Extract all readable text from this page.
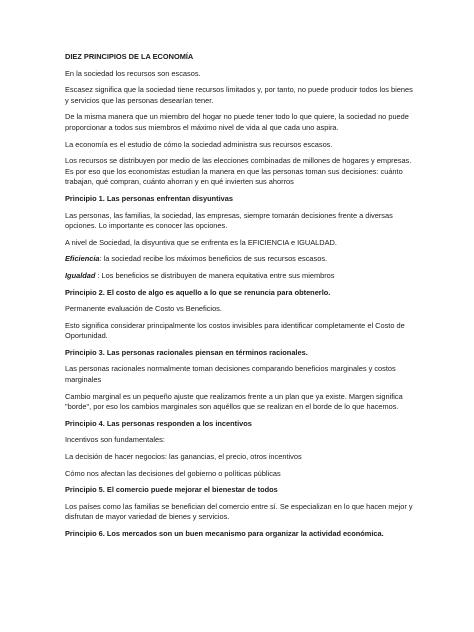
DIEZ PRINCIPIOS DE LA ECONOMÍA

En la sociedad los recursos son escasos.

Escasez significa que la sociedad tiene recursos limitados y, por tanto, no puede producir todos los bienes y servicios que las personas desearían tener.

De la misma manera que un miembro del hogar no puede tener todo lo que quiere, la sociedad no puede proporcionar a todos sus miembros el máximo nivel de vida al que cada uno aspira.

La economía es el estudio de cómo la sociedad administra sus recursos escasos.

Los recursos se distribuyen por medio de las elecciones combinadas de millones de hogares y empresas. Es por eso que los economistas estudian la manera en que las personas toman sus decisiones: cuánto trabajan, qué compran, cuánto ahorran y en qué invierten sus ahorros

Principio 1. Las personas enfrentan disyuntivas

Las personas, las familias, la sociedad, las empresas, siempre tomarán decisiones frente a diversas opciones. Lo importante es conocer las opciones.

A nivel de Sociedad, la disyuntiva que se enfrenta es la EFICIENCIA e IGUALDAD.

Eficiencia: la sociedad recibe los máximos beneficios de sus recursos escasos.

Igualdad : Los beneficios se distribuyen de manera equitativa entre sus miembros

Principio 2. El costo de algo es aquello a lo que se renuncia para obtenerlo.

Permanente evaluación de Costo vs Beneficios.

Esto significa considerar principalmente los costos invisibles para identificar completamente el Costo de Oportunidad.

Principio 3. Las personas racionales piensan en términos racionales.

Las personas racionales normalmente toman decisiones comparando beneficios marginales y costos marginales

Cambio marginal es un pequeño ajuste que realizamos frente a un plan que ya existe. Margen significa "borde", por eso los cambios marginales son aquéllos que se realizan en el borde de lo que hacemos.

Principio 4. Las personas responden a los incentivos

Incentivos son fundamentales:

La decisión de hacer negocios: las ganancias, el precio, otros incentivos

Cómo nos afectan las decisiones del gobierno o políticas públicas

Principio 5. El comercio puede mejorar el bienestar de todos

Los países como las familias se benefician del comercio entre sí. Se especializan en lo que hacen mejor y disfrutan de mayor variedad de bienes y servicios.

Principio 6. Los mercados son un buen mecanismo para organizar la actividad económica.
